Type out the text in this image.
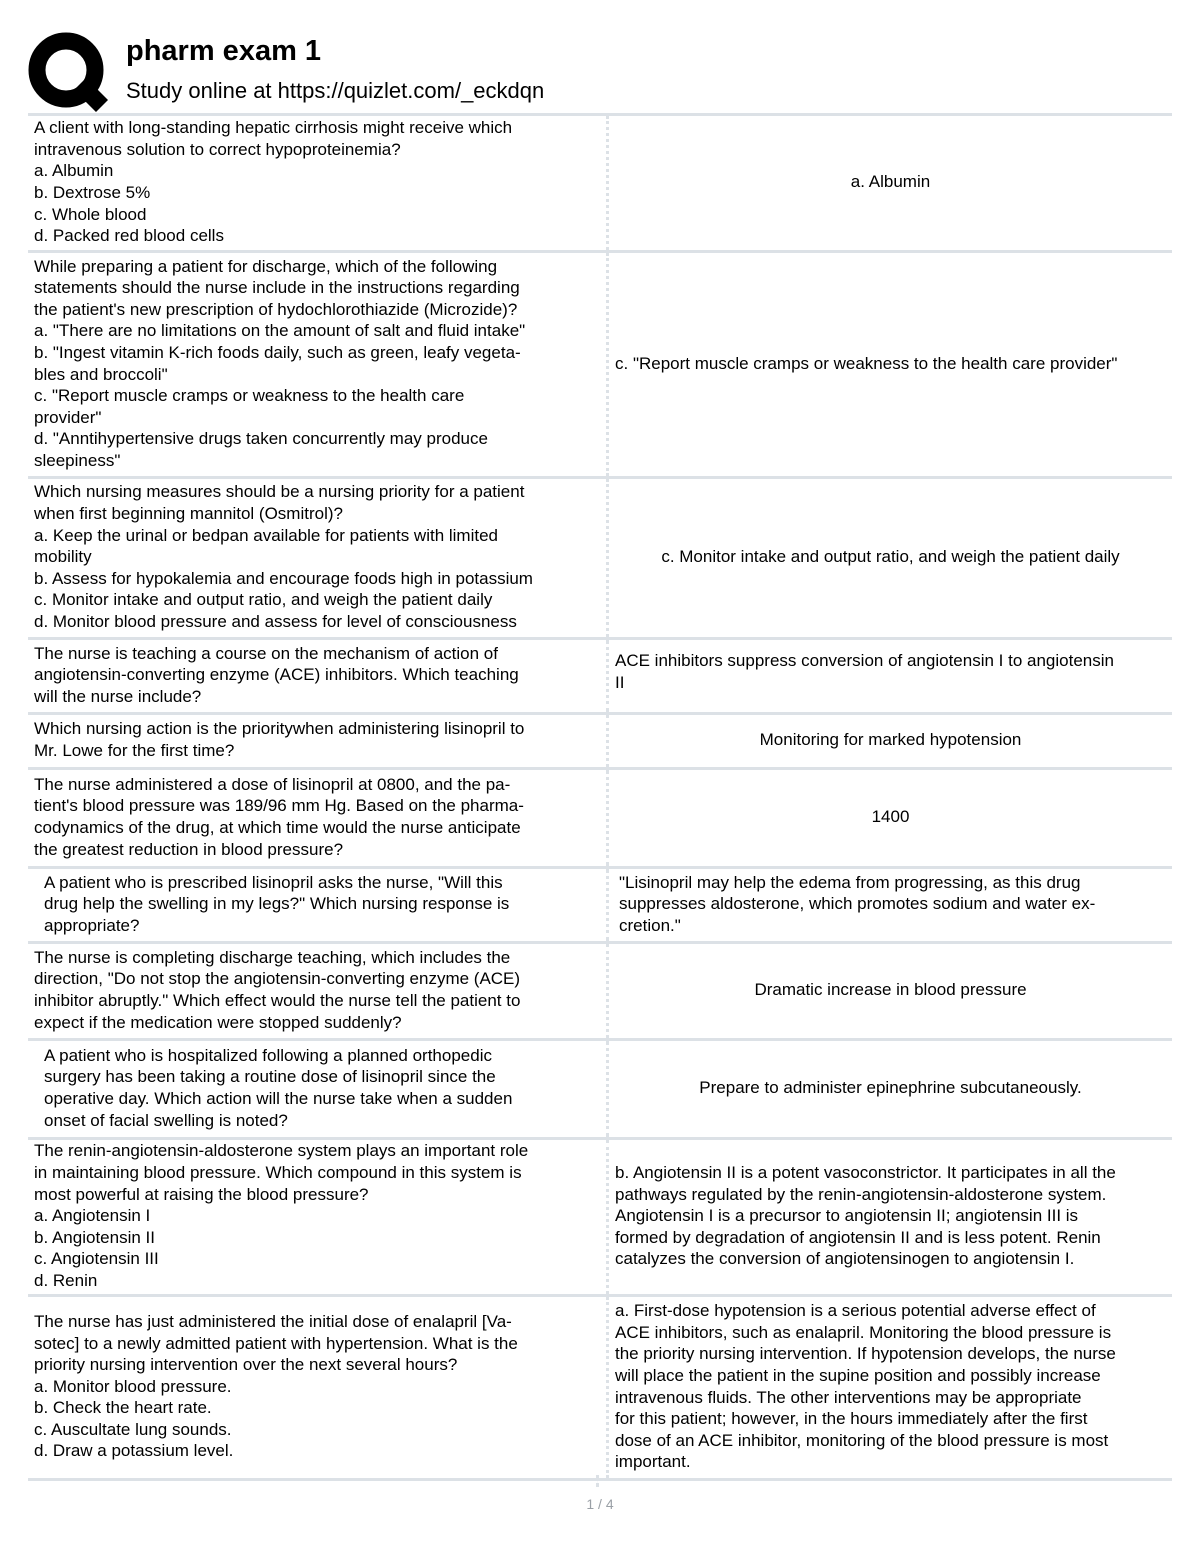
pharm exam 1
Study online at https://quizlet.com/_eckdqn
A client with long-standing hepatic cirrhosis might receive which
intravenous solution to correct hypoproteinemia?
a. Albumin
b. Dextrose 5%
c. Whole blood
d. Packed red blood cells
a. Albumin
While preparing a patient for discharge, which of the following
statements should the nurse include in the instructions regarding
the patient's new prescription of hydochlorothiazide (Microzide)?
a. "There are no limitations on the amount of salt and fluid intake"
b. "Ingest vitamin K-rich foods daily, such as green, leafy vegeta-
bles and broccoli"
c. "Report muscle cramps or weakness to the health care
provider"
d. "Anntihypertensive drugs taken concurrently may produce
sleepiness"
c. "Report muscle cramps or weakness to the health care provider"
Which nursing measures should be a nursing priority for a patient
when first beginning mannitol (Osmitrol)?
a. Keep the urinal or bedpan available for patients with limited
mobility
b. Assess for hypokalemia and encourage foods high in potassium
c. Monitor intake and output ratio, and weigh the patient daily
d. Monitor blood pressure and assess for level of consciousness
c. Monitor intake and output ratio, and weigh the patient daily
The nurse is teaching a course on the mechanism of action of
angiotensin-converting enzyme (ACE) inhibitors. Which teaching
will the nurse include?
ACE inhibitors suppress conversion of angiotensin I to angiotensin
II
Which nursing action is the prioritywhen administering lisinopril to
Mr. Lowe for the first time?
Monitoring for marked hypotension
The nurse administered a dose of lisinopril at 0800, and the pa-
tient's blood pressure was 189/96 mm Hg. Based on the pharma-
codynamics of the drug, at which time would the nurse anticipate
the greatest reduction in blood pressure?
1400
A patient who is prescribed lisinopril asks the nurse, "Will this
drug help the swelling in my legs?" Which nursing response is
appropriate?
"Lisinopril may help the edema from progressing, as this drug
suppresses aldosterone, which promotes sodium and water ex-
cretion."
The nurse is completing discharge teaching, which includes the
direction, "Do not stop the angiotensin-converting enzyme (ACE)
inhibitor abruptly." Which effect would the nurse tell the patient to
expect if the medication were stopped suddenly?
Dramatic increase in blood pressure
A patient who is hospitalized following a planned orthopedic
surgery has been taking a routine dose of lisinopril since the
operative day. Which action will the nurse take when a sudden
onset of facial swelling is noted?
Prepare to administer epinephrine subcutaneously.
The renin-angiotensin-aldosterone system plays an important role
in maintaining blood pressure. Which compound in this system is
most powerful at raising the blood pressure?
a. Angiotensin I
b. Angiotensin II
c. Angiotensin III
d. Renin
b. Angiotensin II is a potent vasoconstrictor. It participates in all the
pathways regulated by the renin-angiotensin-aldosterone system.
Angiotensin I is a precursor to angiotensin II; angiotensin III is
formed by degradation of angiotensin II and is less potent. Renin
catalyzes the conversion of angiotensinogen to angiotensin I.
The nurse has just administered the initial dose of enalapril [Va-
sotec] to a newly admitted patient with hypertension. What is the
priority nursing intervention over the next several hours?
a. Monitor blood pressure.
b. Check the heart rate.
c. Auscultate lung sounds.
d. Draw a potassium level.
a. First-dose hypotension is a serious potential adverse effect of
ACE inhibitors, such as enalapril. Monitoring the blood pressure is
the priority nursing intervention. If hypotension develops, the nurse
will place the patient in the supine position and possibly increase
intravenous fluids. The other interventions may be appropriate
for this patient; however, in the hours immediately after the first
dose of an ACE inhibitor, monitoring of the blood pressure is most
important.
1 / 4
